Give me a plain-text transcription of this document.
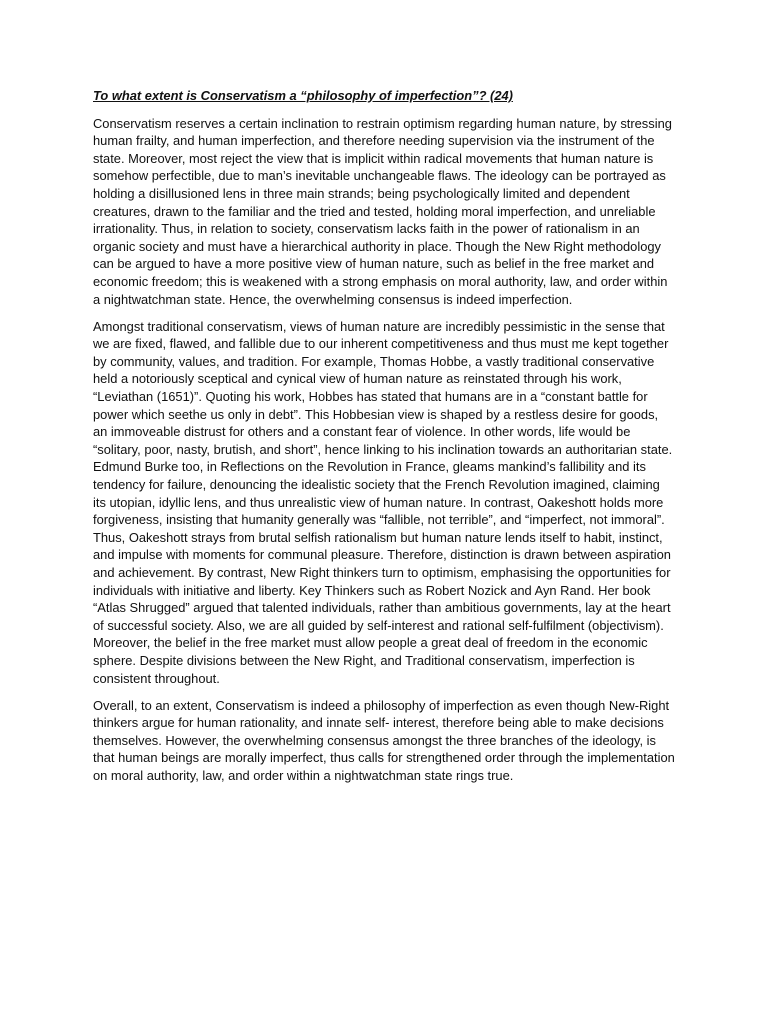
To what extent is Conservatism a “philosophy of imperfection”? (24)

Conservatism reserves a certain inclination to restrain optimism regarding human nature, by stressing human frailty, and human imperfection, and therefore needing supervision via the instrument of the state. Moreover, most reject the view that is implicit within radical movements that human nature is somehow perfectible, due to man’s inevitable unchangeable flaws. The ideology can be portrayed as holding a disillusioned lens in three main strands; being psychologically limited and dependent creatures, drawn to the familiar and the tried and tested, holding moral imperfection, and unreliable irrationality. Thus, in relation to society, conservatism lacks faith in the power of rationalism in an organic society and must have a hierarchical authority in place. Though the New Right methodology can be argued to have a more positive view of human nature, such as belief in the free market and economic freedom; this is weakened with a strong emphasis on moral authority, law, and order within a nightwatchman state. Hence, the overwhelming consensus is indeed imperfection.

Amongst traditional conservatism, views of human nature are incredibly pessimistic in the sense that we are fixed, flawed, and fallible due to our inherent competitiveness and thus must me kept together by community, values, and tradition. For example, Thomas Hobbe, a vastly traditional conservative held a notoriously sceptical and cynical view of human nature as reinstated through his work, “Leviathan (1651)”. Quoting his work, Hobbes has stated that humans are in a “constant battle for power which seethe us only in debt”. This Hobbesian view is shaped by a restless desire for goods, an immoveable distrust for others and a constant fear of violence. In other words, life would be “solitary, poor, nasty, brutish, and short”, hence linking to his inclination towards an authoritarian state. Edmund Burke too, in Reflections on the Revolution in France, gleams mankind’s fallibility and its tendency for failure, denouncing the idealistic society that the French Revolution imagined, claiming its utopian, idyllic lens, and thus unrealistic view of human nature. In contrast, Oakeshott holds more forgiveness, insisting that humanity generally was “fallible, not terrible”, and “imperfect, not immoral”. Thus, Oakeshott strays from brutal selfish rationalism but human nature lends itself to habit, instinct, and impulse with moments for communal pleasure. Therefore, distinction is drawn between aspiration and achievement. By contrast, New Right thinkers turn to optimism, emphasising the opportunities for individuals with initiative and liberty. Key Thinkers such as Robert Nozick and Ayn Rand. Her book “Atlas Shrugged” argued that talented individuals, rather than ambitious governments, lay at the heart of successful society. Also, we are all guided by self-interest and rational self-fulfilment (objectivism). Moreover, the belief in the free market must allow people a great deal of freedom in the economic sphere. Despite divisions between the New Right, and Traditional conservatism, imperfection is consistent throughout.

Overall, to an extent, Conservatism is indeed a philosophy of imperfection as even though New-Right thinkers argue for human rationality, and innate self- interest, therefore being able to make decisions themselves. However, the overwhelming consensus amongst the three branches of the ideology, is that human beings are morally imperfect, thus calls for strengthened order through the implementation on moral authority, law, and order within a nightwatchman state rings true.
